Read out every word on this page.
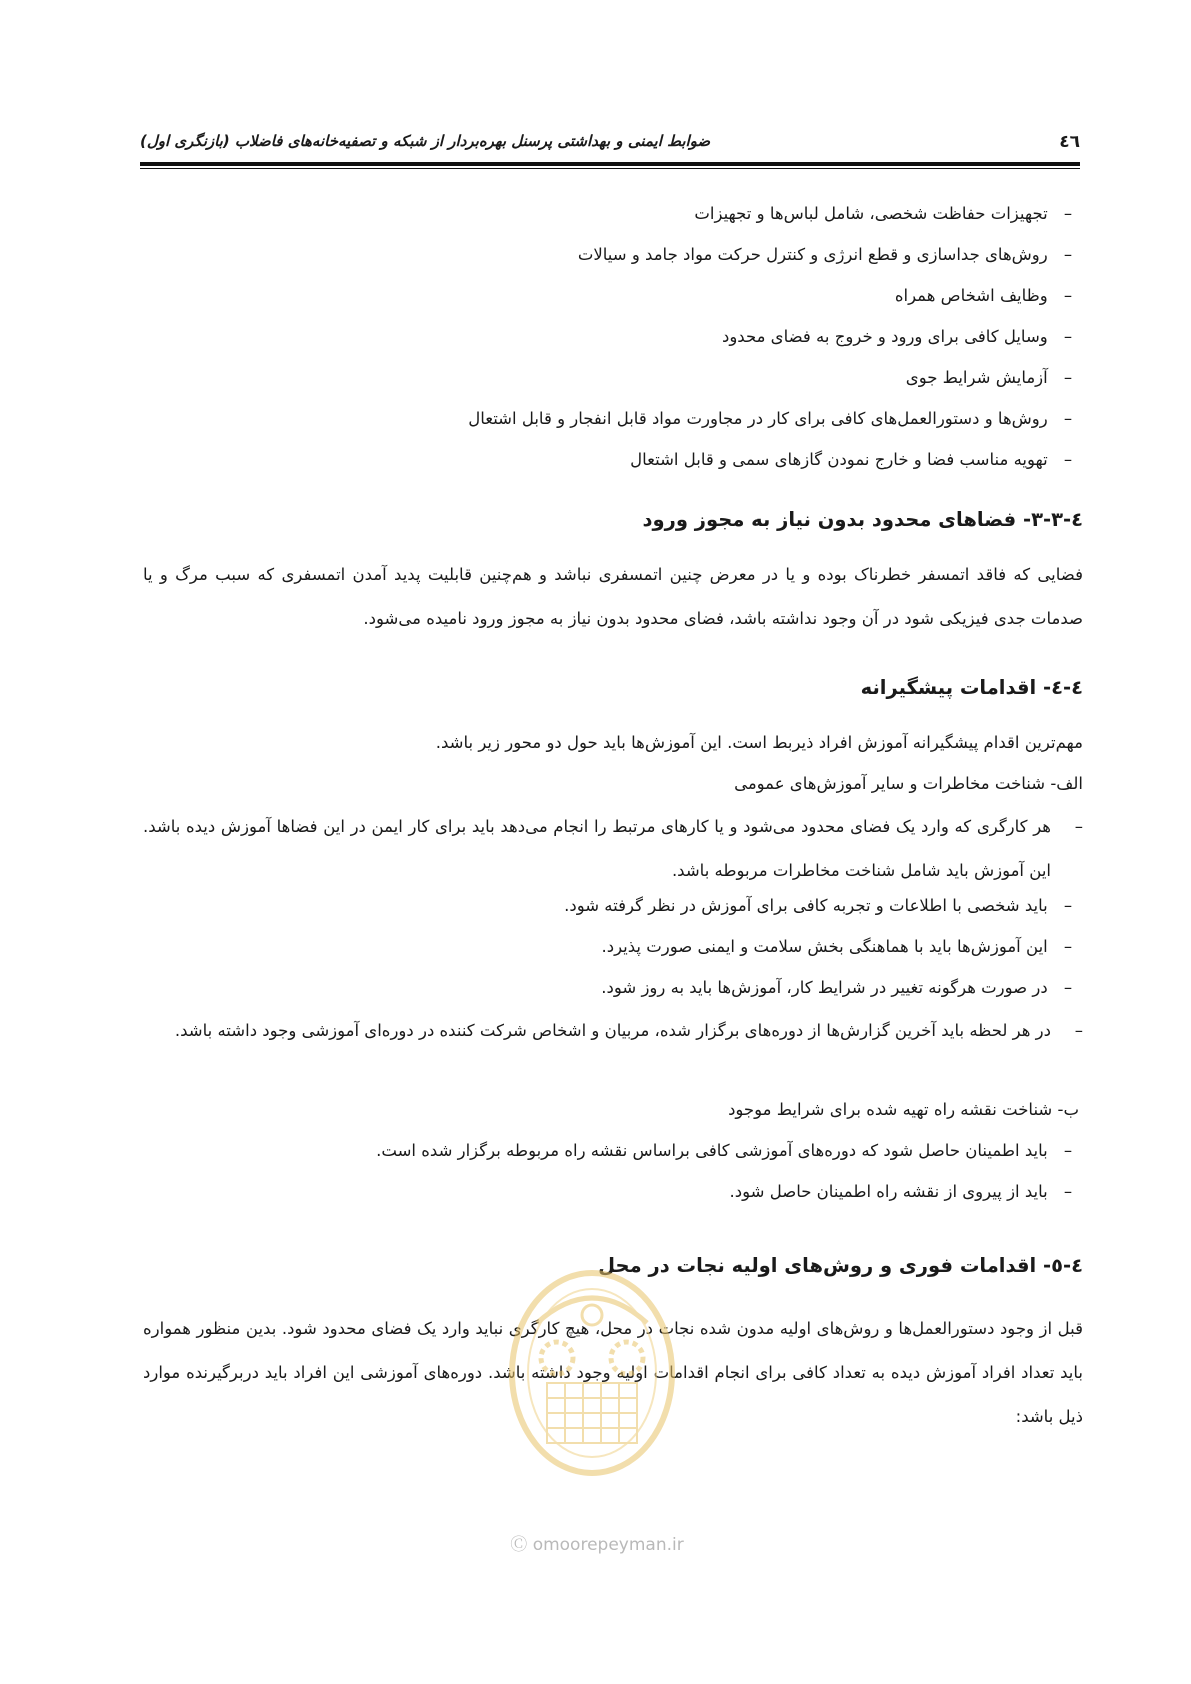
ضوابط ایمنی و بهداشتی پرسنل بهره‌بردار از شبکه و تصفیه‌خانه‌های فاضلاب (بازنگری اول)	٤٦
– تجهیزات حفاظت شخصی، شامل لباس‌ها و تجهیزات
– روش‌های جداسازی و قطع انرژی و کنترل حرکت مواد جامد و سیالات
– وظایف اشخاص همراه
– وسایل کافی برای ورود و خروج به فضای محدود
– آزمایش شرایط جوی
– روش‌ها و دستورالعمل‌های کافی برای کار در مجاورت مواد قابل انفجار و قابل اشتعال
– تهویه مناسب فضا و خارج نمودن گازهای سمی و قابل اشتعال
٤-٣-٣- فضاهای محدود بدون نیاز به مجوز ورود
فضایی که فاقد اتمسفر خطرناک بوده و یا در معرض چنین اتمسفری نباشد و هم‌چنین قابلیت پدید آمدن اتمسفری که سبب مرگ و یا صدمات جدی فیزیکی شود در آن وجود نداشته باشد، فضای محدود بدون نیاز به مجوز ورود نامیده می‌شود.
٤-٤- اقدامات پیشگیرانه
مهم‌ترین اقدام پیشگیرانه آموزش افراد ذیربط است. این آموزش‌ها باید حول دو محور زیر باشد.
الف- شناخت مخاطرات و سایر آموزش‌های عمومی
–
هر کارگری که وارد یک فضای محدود می‌شود و یا کارهای مرتبط را انجام می‌دهد باید برای کار ایمن در این فضاها آموزش دیده باشد. این آموزش باید شامل شناخت مخاطرات مربوطه باشد.
– باید شخصی با اطلاعات و تجربه کافی برای آموزش در نظر گرفته شود.
– این آموزش‌ها باید با هماهنگی بخش سلامت و ایمنی صورت پذیرد.
– در صورت هرگونه تغییر در شرایط کار، آموزش‌ها باید به روز شود.
–
در هر لحظه باید آخرین گزارش‌ها از دوره‌های برگزار شده، مربیان و اشخاص شرکت کننده در دوره‌ای آموزشی وجود داشته باشد.
ب- شناخت نقشه راه تهیه شده برای شرایط موجود
– باید اطمینان حاصل شود که دوره‌های آموزشی کافی براساس نقشه راه مربوطه برگزار شده است.
– باید از پیروی از نقشه راه اطمینان حاصل شود.
٤-٥- اقدامات فوری و روش‌های اولیه نجات در محل
قبل از وجود دستورالعمل‌ها و روش‌های اولیه مدون شده نجات در محل، هیچ کارگری نباید وارد یک فضای محدود شود. بدین منظور همواره باید تعداد افراد آموزش دیده به تعداد کافی برای انجام اقدامات اولیه وجود داشته باشد. دوره‌های آموزشی این افراد باید دربرگیرنده موارد ذیل باشد:
Ⓒ omoorepeyman.ir
